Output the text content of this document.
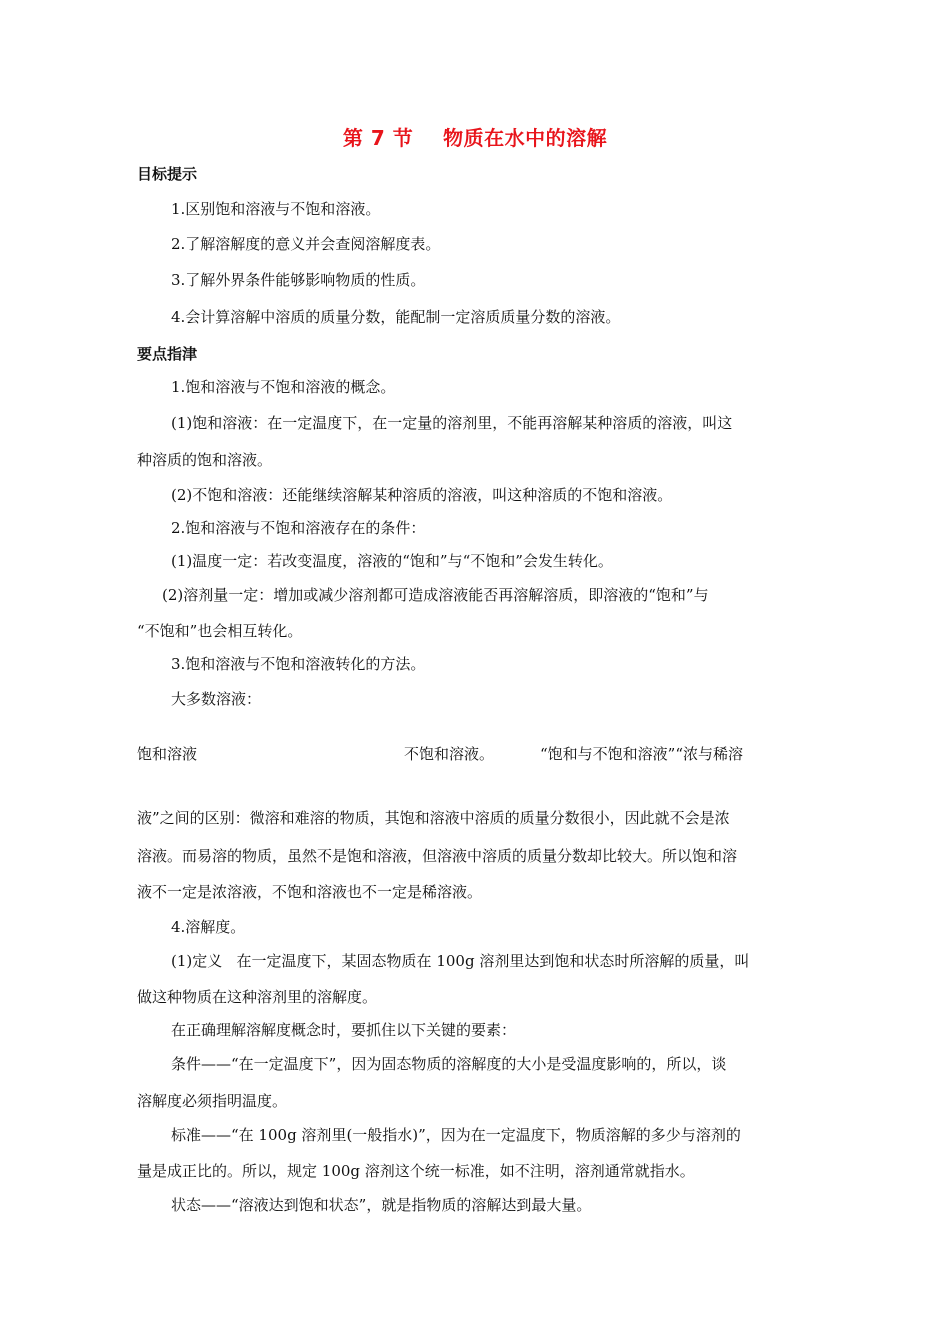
第 7 节    物质在水中的溶解
目标提示
1.区别饱和溶液与不饱和溶液。
2.了解溶解度的意义并会查阅溶解度表。
3.了解外界条件能够影响物质的性质。
4.会计算溶解中溶质的质量分数，能配制一定溶质质量分数的溶液。
要点指津
1.饱和溶液与不饱和溶液的概念。
(1)饱和溶液：在一定温度下，在一定量的溶剂里，不能再溶解某种溶质的溶液，叫这
种溶质的饱和溶液。
(2)不饱和溶液：还能继续溶解某种溶质的溶液，叫这种溶质的不饱和溶液。
2.饱和溶液与不饱和溶液存在的条件：
(1)温度一定：若改变温度，溶液的“饱和”与“不饱和”会发生转化。
(2)溶剂量一定：增加或减少溶剂都可造成溶液能否再溶解溶质，即溶液的“饱和”与
“不饱和”也会相互转化。
3.饱和溶液与不饱和溶液转化的方法。
大多数溶液：
饱和溶液	不饱和溶液。	“饱和与不饱和溶液”“浓与稀溶
液”之间的区别：微溶和难溶的物质，其饱和溶液中溶质的质量分数很小，因此就不会是浓
溶液。而易溶的物质，虽然不是饱和溶液，但溶液中溶质的质量分数却比较大。所以饱和溶
液不一定是浓溶液，不饱和溶液也不一定是稀溶液。
4.溶解度。
(1)定义   在一定温度下，某固态物质在 100g 溶剂里达到饱和状态时所溶解的质量，叫
做这种物质在这种溶剂里的溶解度。
在正确理解溶解度概念时，要抓住以下关键的要素：
条件——“在一定温度下”，因为固态物质的溶解度的大小是受温度影响的，所以，谈
溶解度必须指明温度。
标准——“在 100g 溶剂里(一般指水)”，因为在一定温度下，物质溶解的多少与溶剂的
量是成正比的。所以，规定 100g 溶剂这个统一标准，如不注明，溶剂通常就指水。
状态——“溶液达到饱和状态”，就是指物质的溶解达到最大量。
